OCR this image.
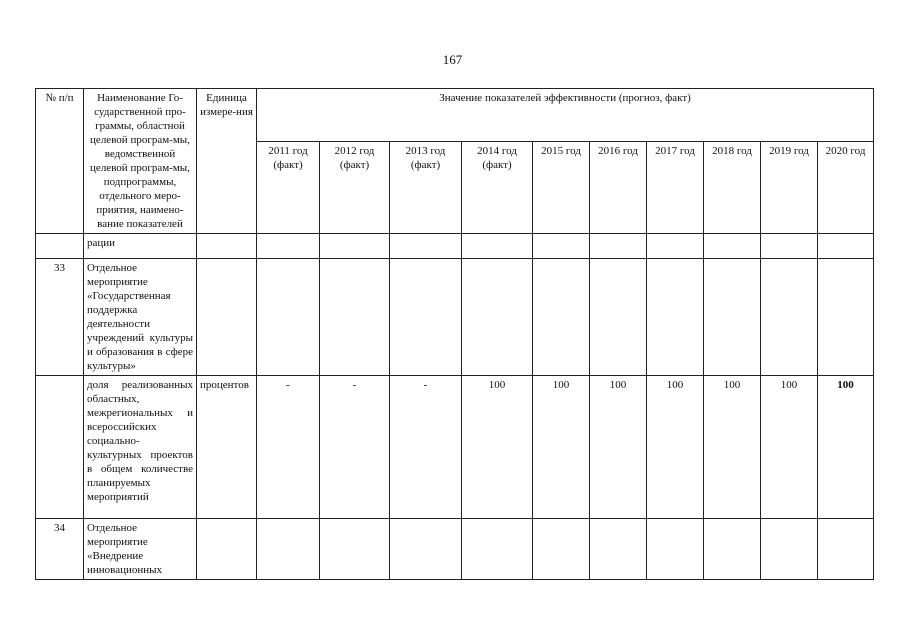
167
№ п/п	Наименование Го-сударственной про-граммы, областной целевой програм-мы, ведомственной целевой програм-мы, подпрограммы, отдельного меро-приятия, наимено-вание показателей	Единица измере-ния	Значение показателей эффективности (прогноз, факт)									
			2011 год (факт)	2012 год (факт)	2013 год (факт)	2014 год (факт)	2015 год	2016 год	2017 год	2018 год	2019 год	2020 год
	рации											
33	Отдельное мероприятие «Государственная поддержка деятельности учреждений культуры и образования в сфере культуры»											
	доля реализованных областных, межрегиональных и всероссийских социально-культурных проектов в общем количестве планируемых мероприятий	процентов	-	-	-	100	100	100	100	100	100	100
34	Отдельное мероприятие «Внедрение инновационных											
